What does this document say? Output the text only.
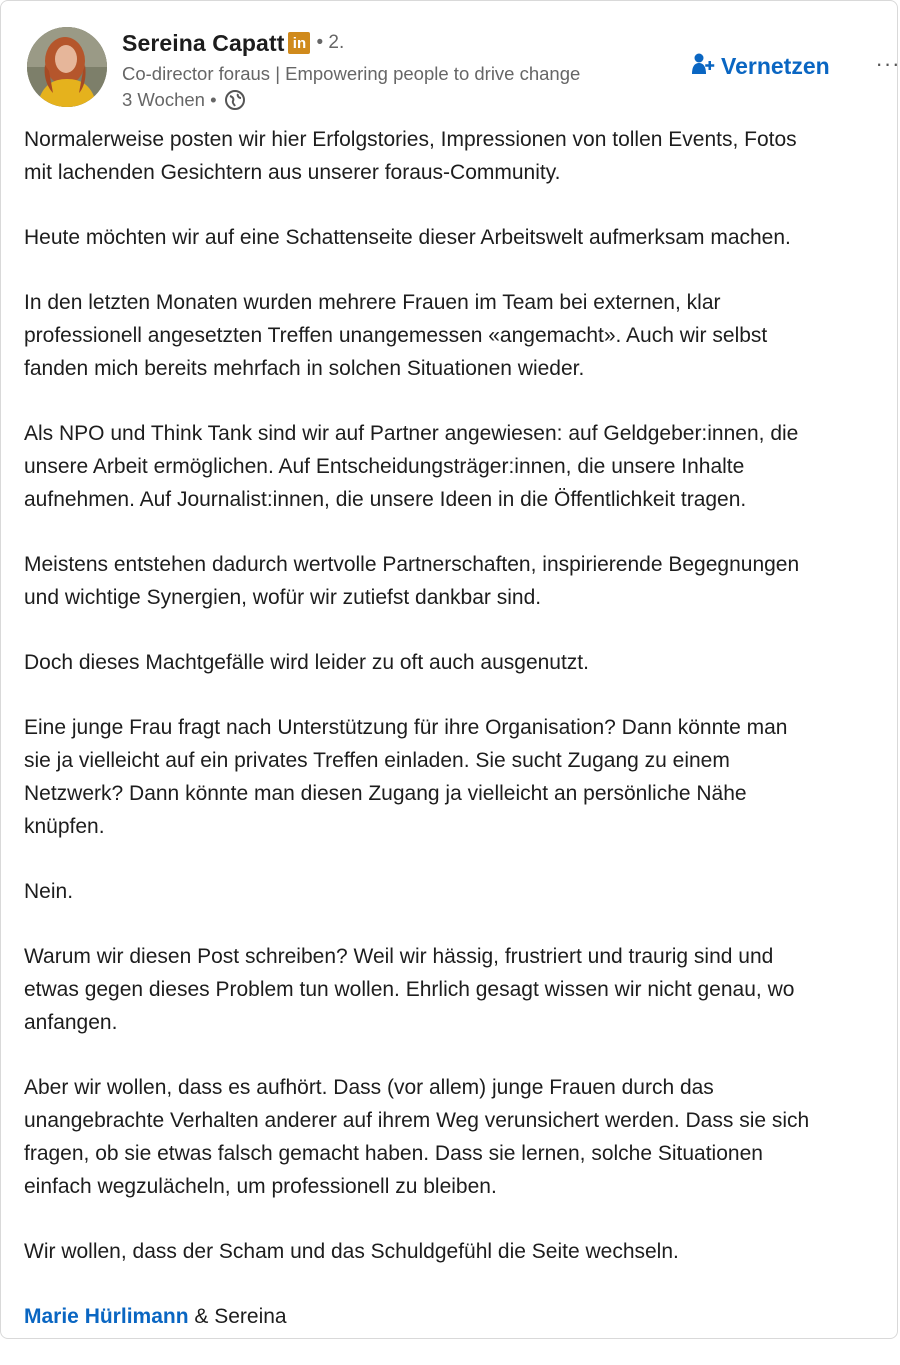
Sereina Capatt in • 2.
Co-director foraus | Empowering people to drive change
3 Wochen •
Vernetzen ···

Normalerweise posten wir hier Erfolgstories, Impressionen von tollen Events, Fotos
mit lachenden Gesichtern aus unserer foraus-Community.

Heute möchten wir auf eine Schattenseite dieser Arbeitswelt aufmerksam machen.

In den letzten Monaten wurden mehrere Frauen im Team bei externen, klar
professionell angesetzten Treffen unangemessen «angemacht». Auch wir selbst
fanden mich bereits mehrfach in solchen Situationen wieder.

Als NPO und Think Tank sind wir auf Partner angewiesen: auf Geldgeber:innen, die
unsere Arbeit ermöglichen. Auf Entscheidungsträger:innen, die unsere Inhalte
aufnehmen. Auf Journalist:innen, die unsere Ideen in die Öffentlichkeit tragen.

Meistens entstehen dadurch wertvolle Partnerschaften, inspirierende Begegnungen
und wichtige Synergien, wofür wir zutiefst dankbar sind.

Doch dieses Machtgefälle wird leider zu oft auch ausgenutzt.

Eine junge Frau fragt nach Unterstützung für ihre Organisation? Dann könnte man
sie ja vielleicht auf ein privates Treffen einladen. Sie sucht Zugang zu einem
Netzwerk? Dann könnte man diesen Zugang ja vielleicht an persönliche Nähe
knüpfen.

Nein.

Warum wir diesen Post schreiben? Weil wir hässig, frustriert und traurig sind und
etwas gegen dieses Problem tun wollen. Ehrlich gesagt wissen wir nicht genau, wo
anfangen.

Aber wir wollen, dass es aufhört. Dass (vor allem) junge Frauen durch das
unangebrachte Verhalten anderer auf ihrem Weg verunsichert werden. Dass sie sich
fragen, ob sie etwas falsch gemacht haben. Dass sie lernen, solche Situationen
einfach wegzulächeln, um professionell zu bleiben.

Wir wollen, dass der Scham und das Schuldgefühl die Seite wechseln.

Marie Hürlimann & Sereina
